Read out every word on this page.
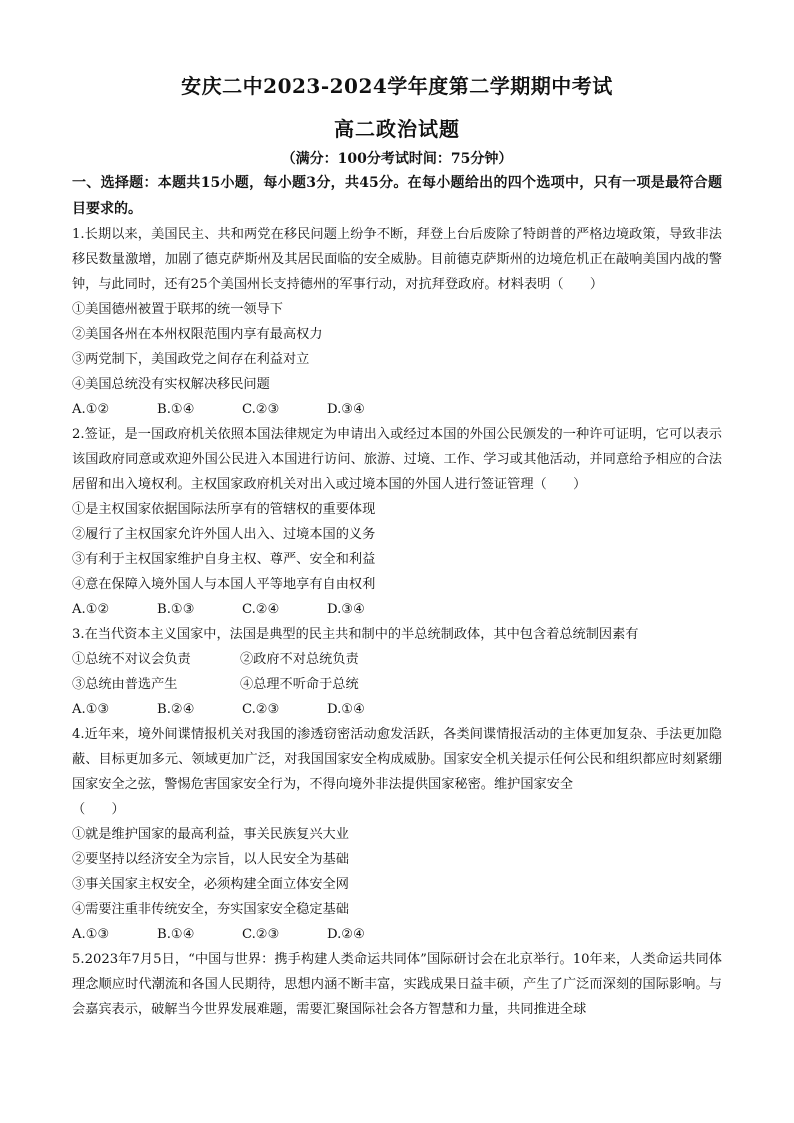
安庆二中2023-2024学年度第二学期期中考试
高二政治试题
（满分：100分考试时间：75分钟）
一、选择题：本题共15小题，每小题3分，共45分。在每小题给出的四个选项中，只有一项是最符合题目要求的。
1.长期以来，美国民主、共和两党在移民问题上纷争不断，拜登上台后废除了特朗普的严格边境政策，导致非法移民数量激增，加剧了德克萨斯州及其居民面临的安全威胁。目前德克萨斯州的边境危机正在敲响美国内战的警钟，与此同时，还有25个美国州长支持德州的军事行动，对抗拜登政府。材料表明（　　）
①美国德州被置于联邦的统一领导下
②美国各州在本州权限范围内享有最高权力
③两党制下，美国政党之间存在利益对立
④美国总统没有实权解决移民问题
A.①②	B.①④	C.②③	D.③④
2.签证，是一国政府机关依照本国法律规定为申请出入或经过本国的外国公民颁发的一种许可证明，它可以表示该国政府同意或欢迎外国公民进入本国进行访问、旅游、过境、工作、学习或其他活动，并同意给予相应的合法居留和出入境权利。主权国家政府机关对出入或过境本国的外国人进行签证管理（　　）
①是主权国家依据国际法所享有的管辖权的重要体现
②履行了主权国家允许外国人出入、过境本国的义务
③有利于主权国家维护自身主权、尊严、安全和利益
④意在保障入境外国人与本国人平等地享有自由权利
A.①②	B.①③	C.②④	D.③④
3.在当代资本主义国家中，法国是典型的民主共和制中的半总统制政体，其中包含着总统制因素有
①总统不对议会负责	②政府不对总统负责
③总统由普选产生	④总理不听命于总统
A.①③	B.②④	C.②③	D.①④
4.近年来，境外间谍情报机关对我国的渗透窃密活动愈发活跃，各类间谍情报活动的主体更加复杂、手法更加隐蔽、目标更加多元、领域更加广泛，对我国国家安全构成威胁。国家安全机关提示任何公民和组织都应时刻紧绷国家安全之弦，警惕危害国家安全行为，不得向境外非法提供国家秘密。维护国家安全
（　　）
①就是维护国家的最高利益，事关民族复兴大业
②要坚持以经济安全为宗旨，以人民安全为基础
③事关国家主权安全，必须构建全面立体安全网
④需要注重非传统安全，夯实国家安全稳定基础
A.①③	B.①④	C.②③	D.②④
5.2023年7月5日，“中国与世界：携手构建人类命运共同体”国际研讨会在北京举行。10年来，人类命运共同体理念顺应时代潮流和各国人民期待，思想内涵不断丰富，实践成果日益丰硕，产生了广泛而深刻的国际影响。与会嘉宾表示，破解当今世界发展难题，需要汇聚国际社会各方智慧和力量，共同推进全球
